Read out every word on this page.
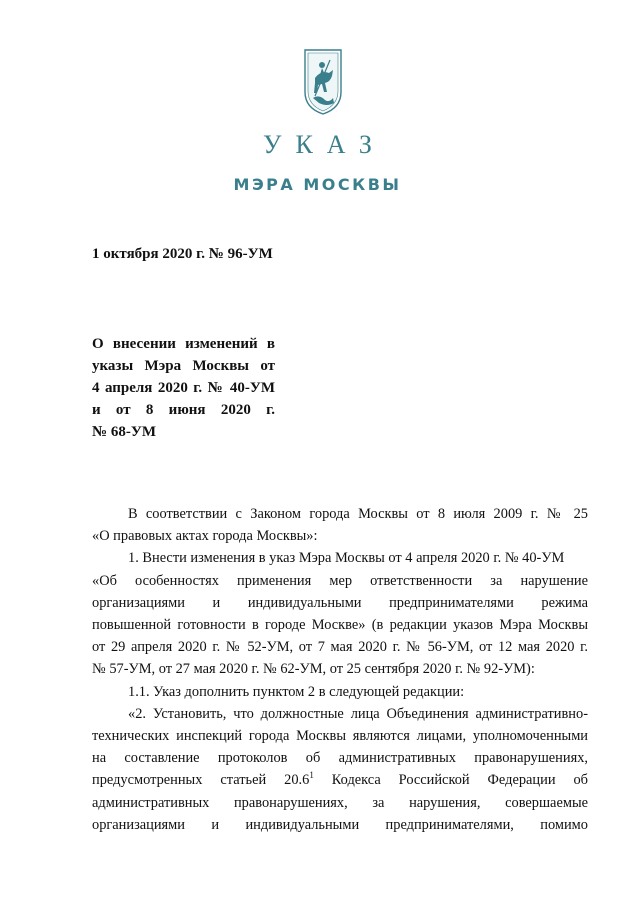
УКАЗ
МЭРА МОСКВЫ
1 октября 2020 г. № 96-УМ
О внесении изменений в
указы Мэра Москвы от
4 апреля 2020 г. № 40-УМ
и от 8 июня 2020 г.
№ 68-УМ
В соответствии с Законом города Москвы от 8 июля 2009 г. № 25
«О правовых актах города Москвы»:
1. Внести изменения в указ Мэра Москвы от 4 апреля 2020 г. № 40-УМ
«Об особенностях применения мер ответственности за нарушение
организациями и индивидуальными предпринимателями режима
повышенной готовности в городе Москве» (в редакции указов Мэра Москвы
от 29 апреля 2020 г. № 52-УМ, от 7 мая 2020 г. № 56-УМ, от 12 мая 2020 г.
№ 57-УМ, от 27 мая 2020 г. № 62-УМ, от 25 сентября 2020 г. № 92-УМ):
1.1. Указ дополнить пунктом 2 в следующей редакции:
«2. Установить, что должностные лица Объединения административно-
технических инспекций города Москвы являются лицами, уполномоченными
на составление протоколов об административных правонарушениях,
предусмотренных статьей 20.6$^1$ Кодекса Российской Федерации об
административных правонарушениях, за нарушения, совершаемые
организациями и индивидуальными предпринимателями, помимо
